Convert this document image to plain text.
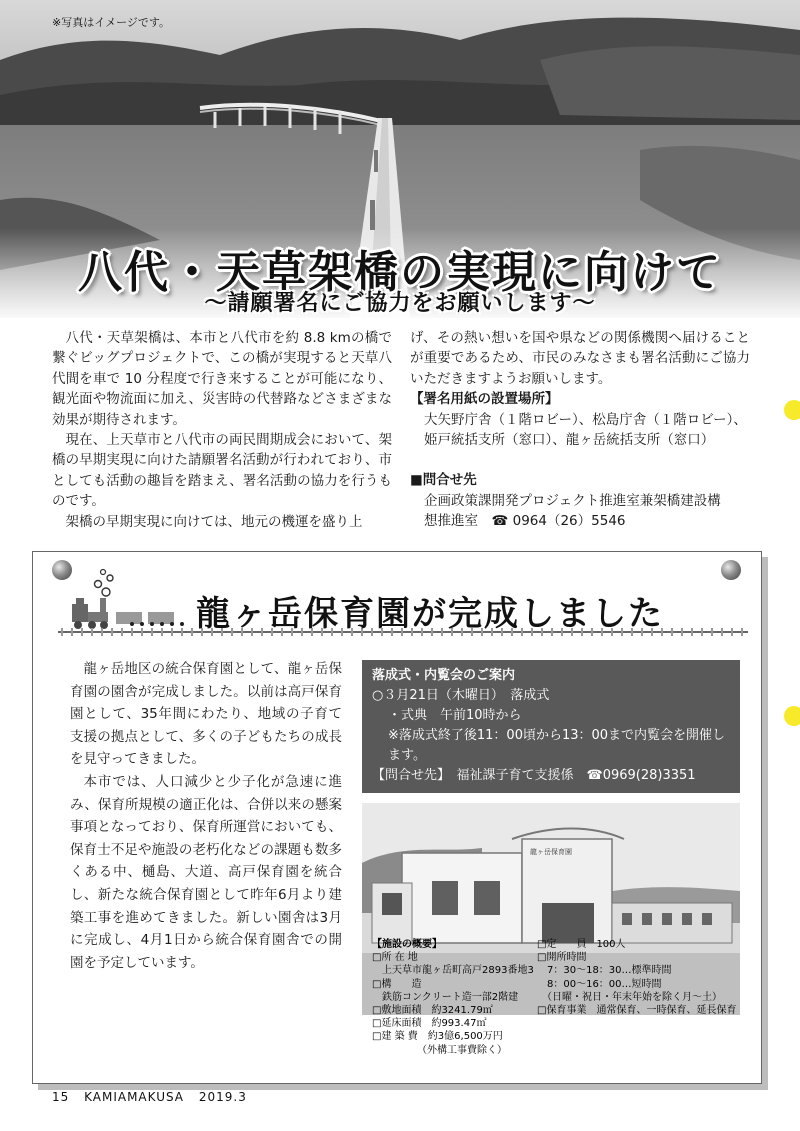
※写真はイメージです。
八代・天草架橋の実現に向けて
～請願署名にご協力をお願いします～

八代・天草架橋は、本市と八代市を約 8.8 kmの橋で繋ぐビッグプロジェクトで、この橋が実現すると天草八代間を車で 10 分程度で行き来することが可能になり、観光面や物流面に加え、災害時の代替路などさまざまな効果が期待されます。

現在、上天草市と八代市の両民間期成会において、架橋の早期実現に向けた請願署名活動が行われており、市としても活動の趣旨を踏まえ、署名活動の協力を行うものです。

架橋の早期実現に向けては、地元の機運を盛り上

げ、その熱い想いを国や県などの関係機関へ届けることが重要であるため、市民のみなさまも署名活動にご協力いただきますようお願いします。

【署名用紙の設置場所】

大矢野庁舎（１階ロビー）、松島庁舎（１階ロビー）、

姫戸統括支所（窓口）、龍ヶ岳統括支所（窓口）

■問合せ先

企画政策課開発プロジェクト推進室兼架橋建設構

想推進室　☎ 0964（26）5546

龍ヶ岳保育園が完成しました

龍ヶ岳地区の統合保育園として、龍ヶ岳保育園の園舎が完成しました。以前は高戸保育園として、35年間にわたり、地域の子育て支援の拠点として、多くの子どもたちの成長を見守ってきました。

本市では、人口減少と少子化が急速に進み、保育所規模の適正化は、合併以来の懸案事項となっており、保育所運営においても、保育士不足や施設の老朽化などの課題も数多くある中、樋島、大道、高戸保育園を統合し、新たな統合保育園として昨年6月より建築工事を進めてきました。新しい園舎は3月に完成し、4月1日から統合保育園舎での開園を予定しています。

落成式・内覧会のご案内
○３月21日（木曜日）　落成式
・式典　午前10時から
※落成式終了後11：00頃から13：00まで内覧会を開催します。
【問合せ先】　福祉課子育て支援係　☎0969(28)3351
龍ヶ岳保育園
【施設の概要】
□所 在 地
　上天草市龍ヶ岳町高戸2893番地3
□構　　造
　鉄筋コンクリート造一部2階建
□敷地面積　約3241.79㎡
□延床面積　約993.47㎡
□建 築 費　約3億6,500万円
　　　　　（外構工事費除く）
□定　　員　100人
□開所時間
　7：30～18：30…標準時間
　8：00～16：00…短時間
　（日曜・祝日・年末年始を除く月～土）
□保育事業　通常保育、一時保育、延長保育
15 KAMIAMAKUSA 2019.3
